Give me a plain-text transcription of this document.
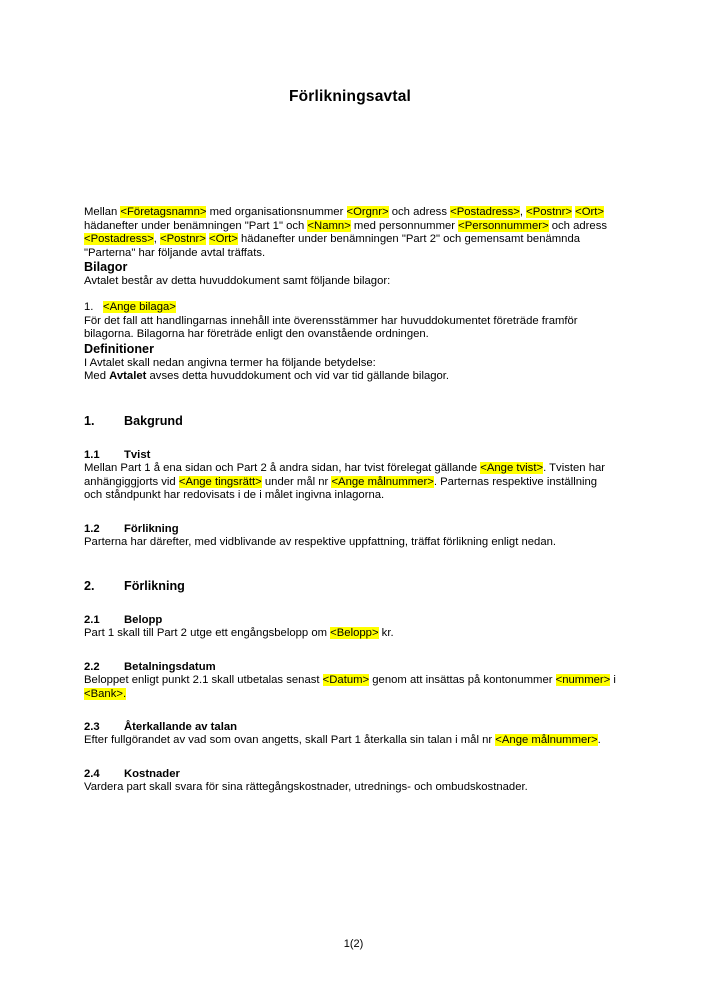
Förlikningsavtal

Mellan <Företagsnamn> med organisationsnummer <Orgnr> och adress <Postadress>, <Postnr> <Ort> hädanefter under benämningen "Part 1" och <Namn> med personnummer <Personnummer> och adress <Postadress>, <Postnr> <Ort> hädanefter under benämningen "Part 2" och gemensamt benämnda "Parterna" har följande avtal träffats.

Bilagor

Avtalet består av detta huvuddokument samt följande bilagor:

1. <Ange bilaga>

För det fall att handlingarnas innehåll inte överensstämmer har huvuddokumentet företräde framför bilagorna. Bilagorna har företräde enligt den ovanstående ordningen.

Definitioner

I Avtalet skall nedan angivna termer ha följande betydelse:

Med Avtalet avses detta huvuddokument och vid var tid gällande bilagor.

1.	Bakgrund
1.1	Tvist

Mellan Part 1 å ena sidan och Part 2 å andra sidan, har tvist förelegat gällande <Ange tvist>. Tvisten har anhängiggjorts vid <Ange tingsrätt> under mål nr <Ange målnummer>. Parternas respektive inställning och ståndpunkt har redovisats i de i målet ingivna inlagorna.

1.2	Förlikning

Parterna har därefter, med vidblivande av respektive uppfattning, träffat förlikning enligt nedan.

2.	Förlikning
2.1	Belopp

Part 1 skall till Part 2 utge ett engångsbelopp om <Belopp> kr.

2.2	Betalningsdatum

Beloppet enligt punkt 2.1 skall utbetalas senast <Datum> genom att insättas på kontonummer <nummer> i <Bank>.

2.3	Återkallande av talan

Efter fullgörandet av vad som ovan angetts, skall Part 1 återkalla sin talan i mål nr <Ange målnummer>.

2.4	Kostnader

Vardera part skall svara för sina rättegångskostnader, utrednings- och ombudskostnader.

1(2)
